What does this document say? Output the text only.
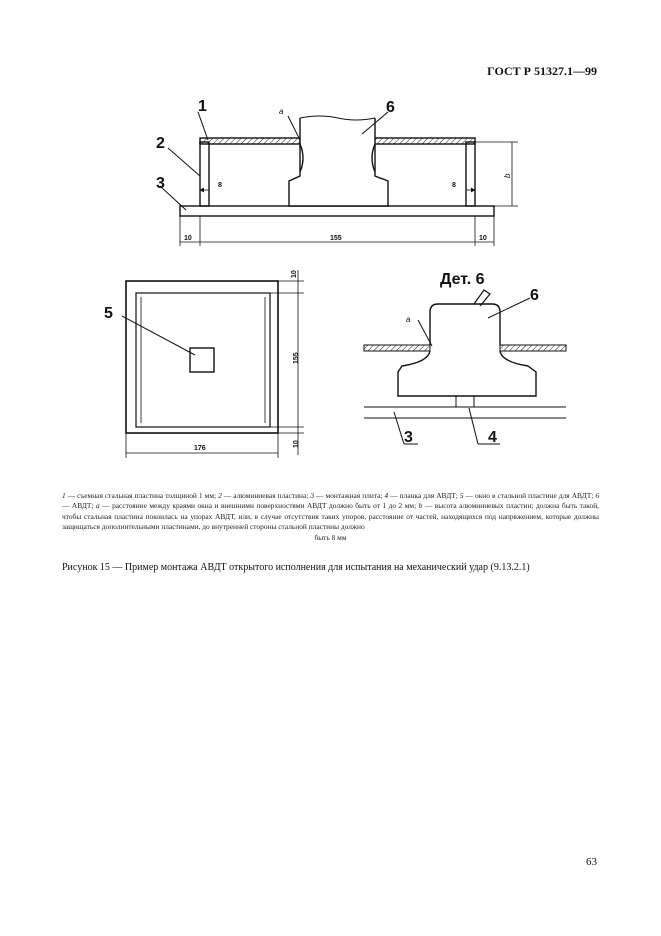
ГОСТ Р 51327.1—99
1
2
3
a	6
8	8
b
10	155	10
5
10
155
10
176
Дет. 6
a
6
3	4
1 — съемная стальная пластина толщиной 1 мм; 2 — алюминиевая пластина; 3 — монтажная плита; 4 — планка для АВДТ; 5 — окно в стальной пластине для АВДТ; 6 — АВДТ; a — расстояние между краями окна и внешними поверхностями АВДТ должно быть от 1 до 2 мм; b — высота алюминиевых пластин; должна быть такой, чтобы стальная пластина покоилась на упорах АВДТ, или, в случае отсутствия таких упоров, расстояние от частей, находящихся под напряжением, которые должны защищаться дополнительными пластинами, до внутренней стороны стальной пластины должно
быть 8 мм
Рисунок 15 — Пример монтажа АВДТ открытого исполнения для испытания на механический удар (9.13.2.1)
63
